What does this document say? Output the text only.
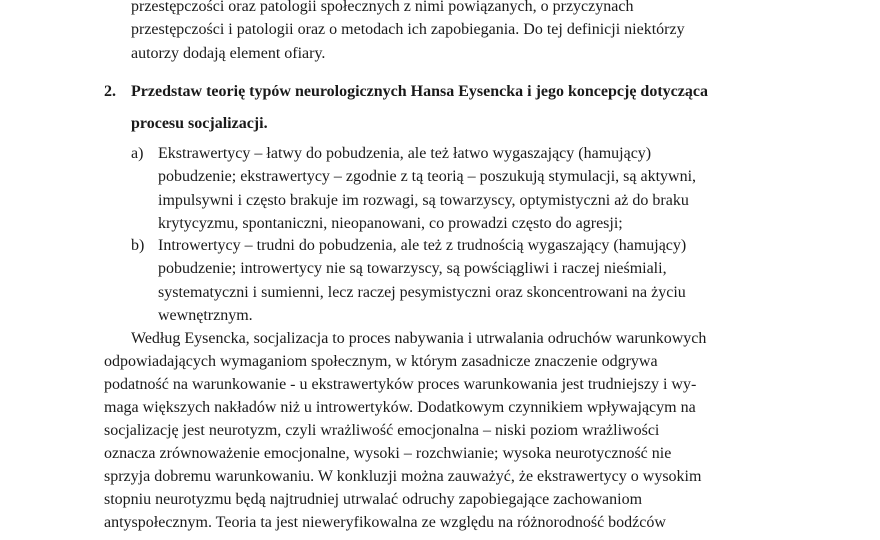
przestępczości oraz patologii społecznych z nimi powiązanych, o przyczynach
przestępczości i patologii oraz o metodach ich zapobiegania. Do tej definicji niektórzy
autorzy dodają element ofiary.
2. Przedstaw teorię typów neurologicznych Hansa Eysencka i jego koncepcję dotycząca
procesu socjalizacji.
a) Ekstrawertycy – łatwy do pobudzenia, ale też łatwo wygaszający (hamujący)
pobudzenie; ekstrawertycy – zgodnie z tą teorią – poszukują stymulacji, są aktywni,
impulsywni i często brakuje im rozwagi, są towarzyscy, optymistyczni aż do braku
krytycyzmu, spontaniczni, nieopanowani, co prowadzi często do agresji;
b) Introwertycy – trudni do pobudzenia, ale też z trudnością wygaszający (hamujący)
pobudzenie; introwertycy nie są towarzyscy, są powściągliwi i raczej nieśmiali,
systematyczni i sumienni, lecz raczej pesymistyczni oraz skoncentrowani na życiu
wewnętrznym.
Według Eysencka, socjalizacja to proces nabywania i utrwalania odruchów warunkowych
odpowiadających wymaganiom społecznym, w którym zasadnicze znaczenie odgrywa
podatność na warunkowanie - u ekstrawertyków proces warunkowania jest trudniejszy i wy-
maga większych nakładów niż u introwertyków. Dodatkowym czynnikiem wpływającym na
socjalizację jest neurotyzm, czyli wrażliwość emocjonalna – niski poziom wrażliwości
oznacza zrównoważenie emocjonalne, wysoki – rozchwianie; wysoka neurotyczność nie
sprzyja dobremu warunkowaniu. W konkluzji można zauważyć, że ekstrawertycy o wysokim
stopniu neurotyzmu będą najtrudniej utrwalać odruchy zapobiegające zachowaniom
antyspołecznym. Teoria ta jest nieweryfikowalna ze względu na różnorodność bodźców
